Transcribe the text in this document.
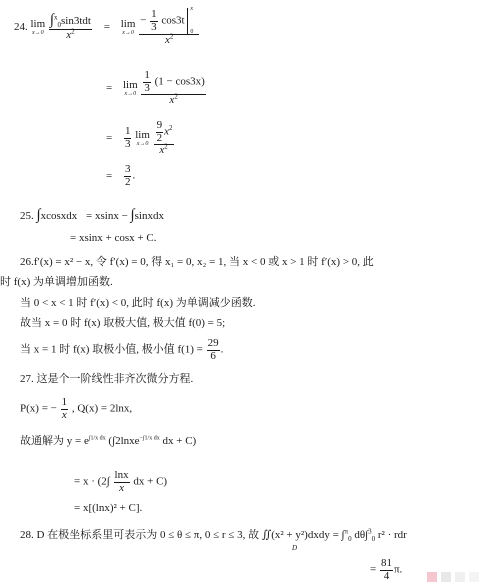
24. lim
x→0
$\frac{\int^x_0\sin 3tdt}{x^2} = \lim$
x→0
− $\frac{1}{3} \cos 3t$
x
0
$x^2$
= lim
x→0
$\frac{\frac{1}{3} (1 - \cos 3x)}{x^2}$
= $\frac{1}{3}$
lim
x→0
$\frac{\frac{9}{2} x^2}{x^2}$
= $\frac{3}{2}$ .
25. ∫xcosxdx = xsinx − ∫sinxdx
= xsinx + cosx + C.
26.f′(x) = x² − x, 令 f′(x) = 0, 得 x₁ = 0, x₂ = 1, 当 x < 0 或 x > 1 时 f′(x) > 0, 此
时 f(x) 为单调增加函数.
当 0 < x < 1 时 f′(x) < 0, 此时 f(x) 为单调减少函数.
故当 x = 0 时 f(x) 取极大值, 极大值 f(0) = 5;
当 x = 1 时 f(x) 取极小值, 极小值 $f(1) = \frac{29}{6}$ .
27. 这是个一阶线性非齐次微分方程.
P(x) = − $\frac{1}{x}$ , Q(x) = 2lnx,
故通解为 $y = e^{\int 1/x dx}$ (∫2lnxe$^{-\int 1/x dx}$ dx + C)
= $x \cdot (2\int \frac{\ln x}{x}$ dx + C)
= x[(lnx)² + C].
28. D 在极坐标系里可表示为 0 ≤ θ ≤ π, 0 ≤ r ≤ 3, 故 ∬(x² + y²)dxdy = ∫$^\pi_0$ dθ∫$^3_0$ r² · rdr
D
= $\frac{81}{4} \pi$.
